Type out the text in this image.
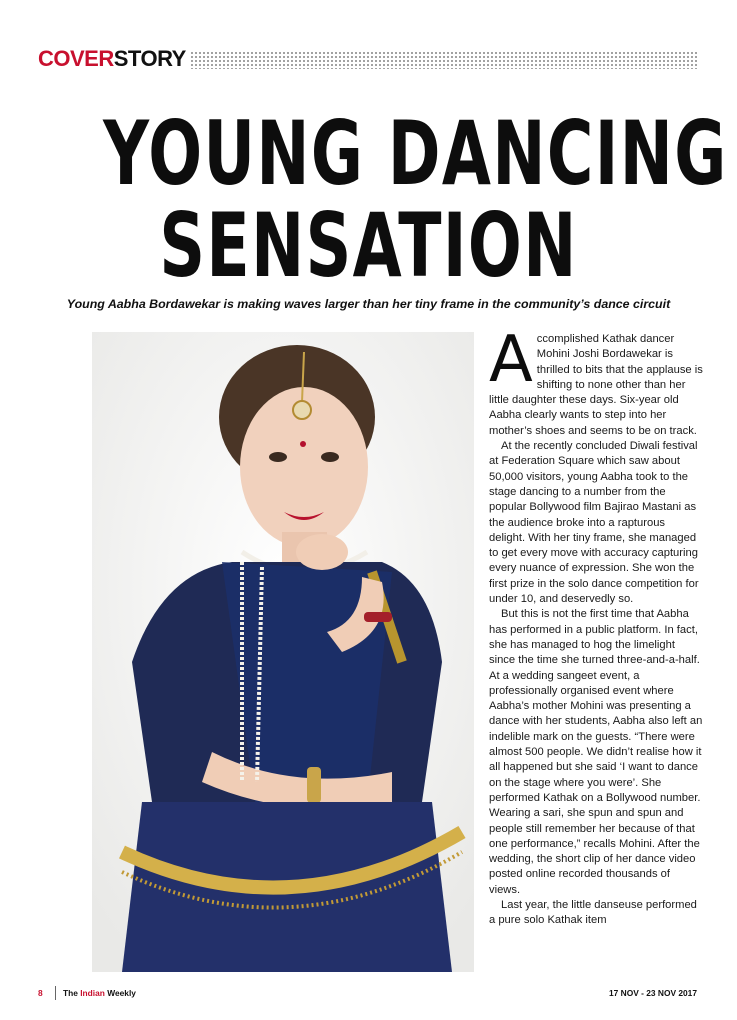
COVERSTORY
YOUNG DANCING
SENSATION
Young Aabha Bordawekar is making waves larger than her tiny frame in the community’s dance circuit

Accomplished Kathak dancer Mohini Joshi Bordawekar is thrilled to bits that the applause is shifting to none other than her little daughter these days. Six-year old Aabha clearly wants to step into her mother’s shoes and seems to be on track.

At the recently concluded Diwali festival at Federation Square which saw about 50,000 visitors, young Aabha took to the stage dancing to a number from the popular Bollywood film Bajirao Mastani as the audience broke into a rapturous delight. With her tiny frame, she managed to get every move with accuracy capturing every nuance of expression. She won the first prize in the solo dance competition for under 10, and deservedly so.

But this is not the first time that Aabha has performed in a public platform. In fact, she has managed to hog the limelight since the time she turned three-and-a-half. At a wedding sangeet event, a professionally organised event where Aabha’s mother Mohini was presenting a dance with her students, Aabha also left an indelible mark on the guests. “There were almost 500 people. We didn’t realise how it all happened but she said ‘I want to dance on the stage where you were’. She performed Kathak on a Bollywood number. Wearing a sari, she spun and spun and people still remember her because of that one performance,” recalls Mohini. After the wedding, the short clip of her dance video posted online recorded thousands of views.

Last year, the little danseuse performed a pure solo Kathak item

8 The Indian Weekly	17 NOV - 23 NOV 2017
